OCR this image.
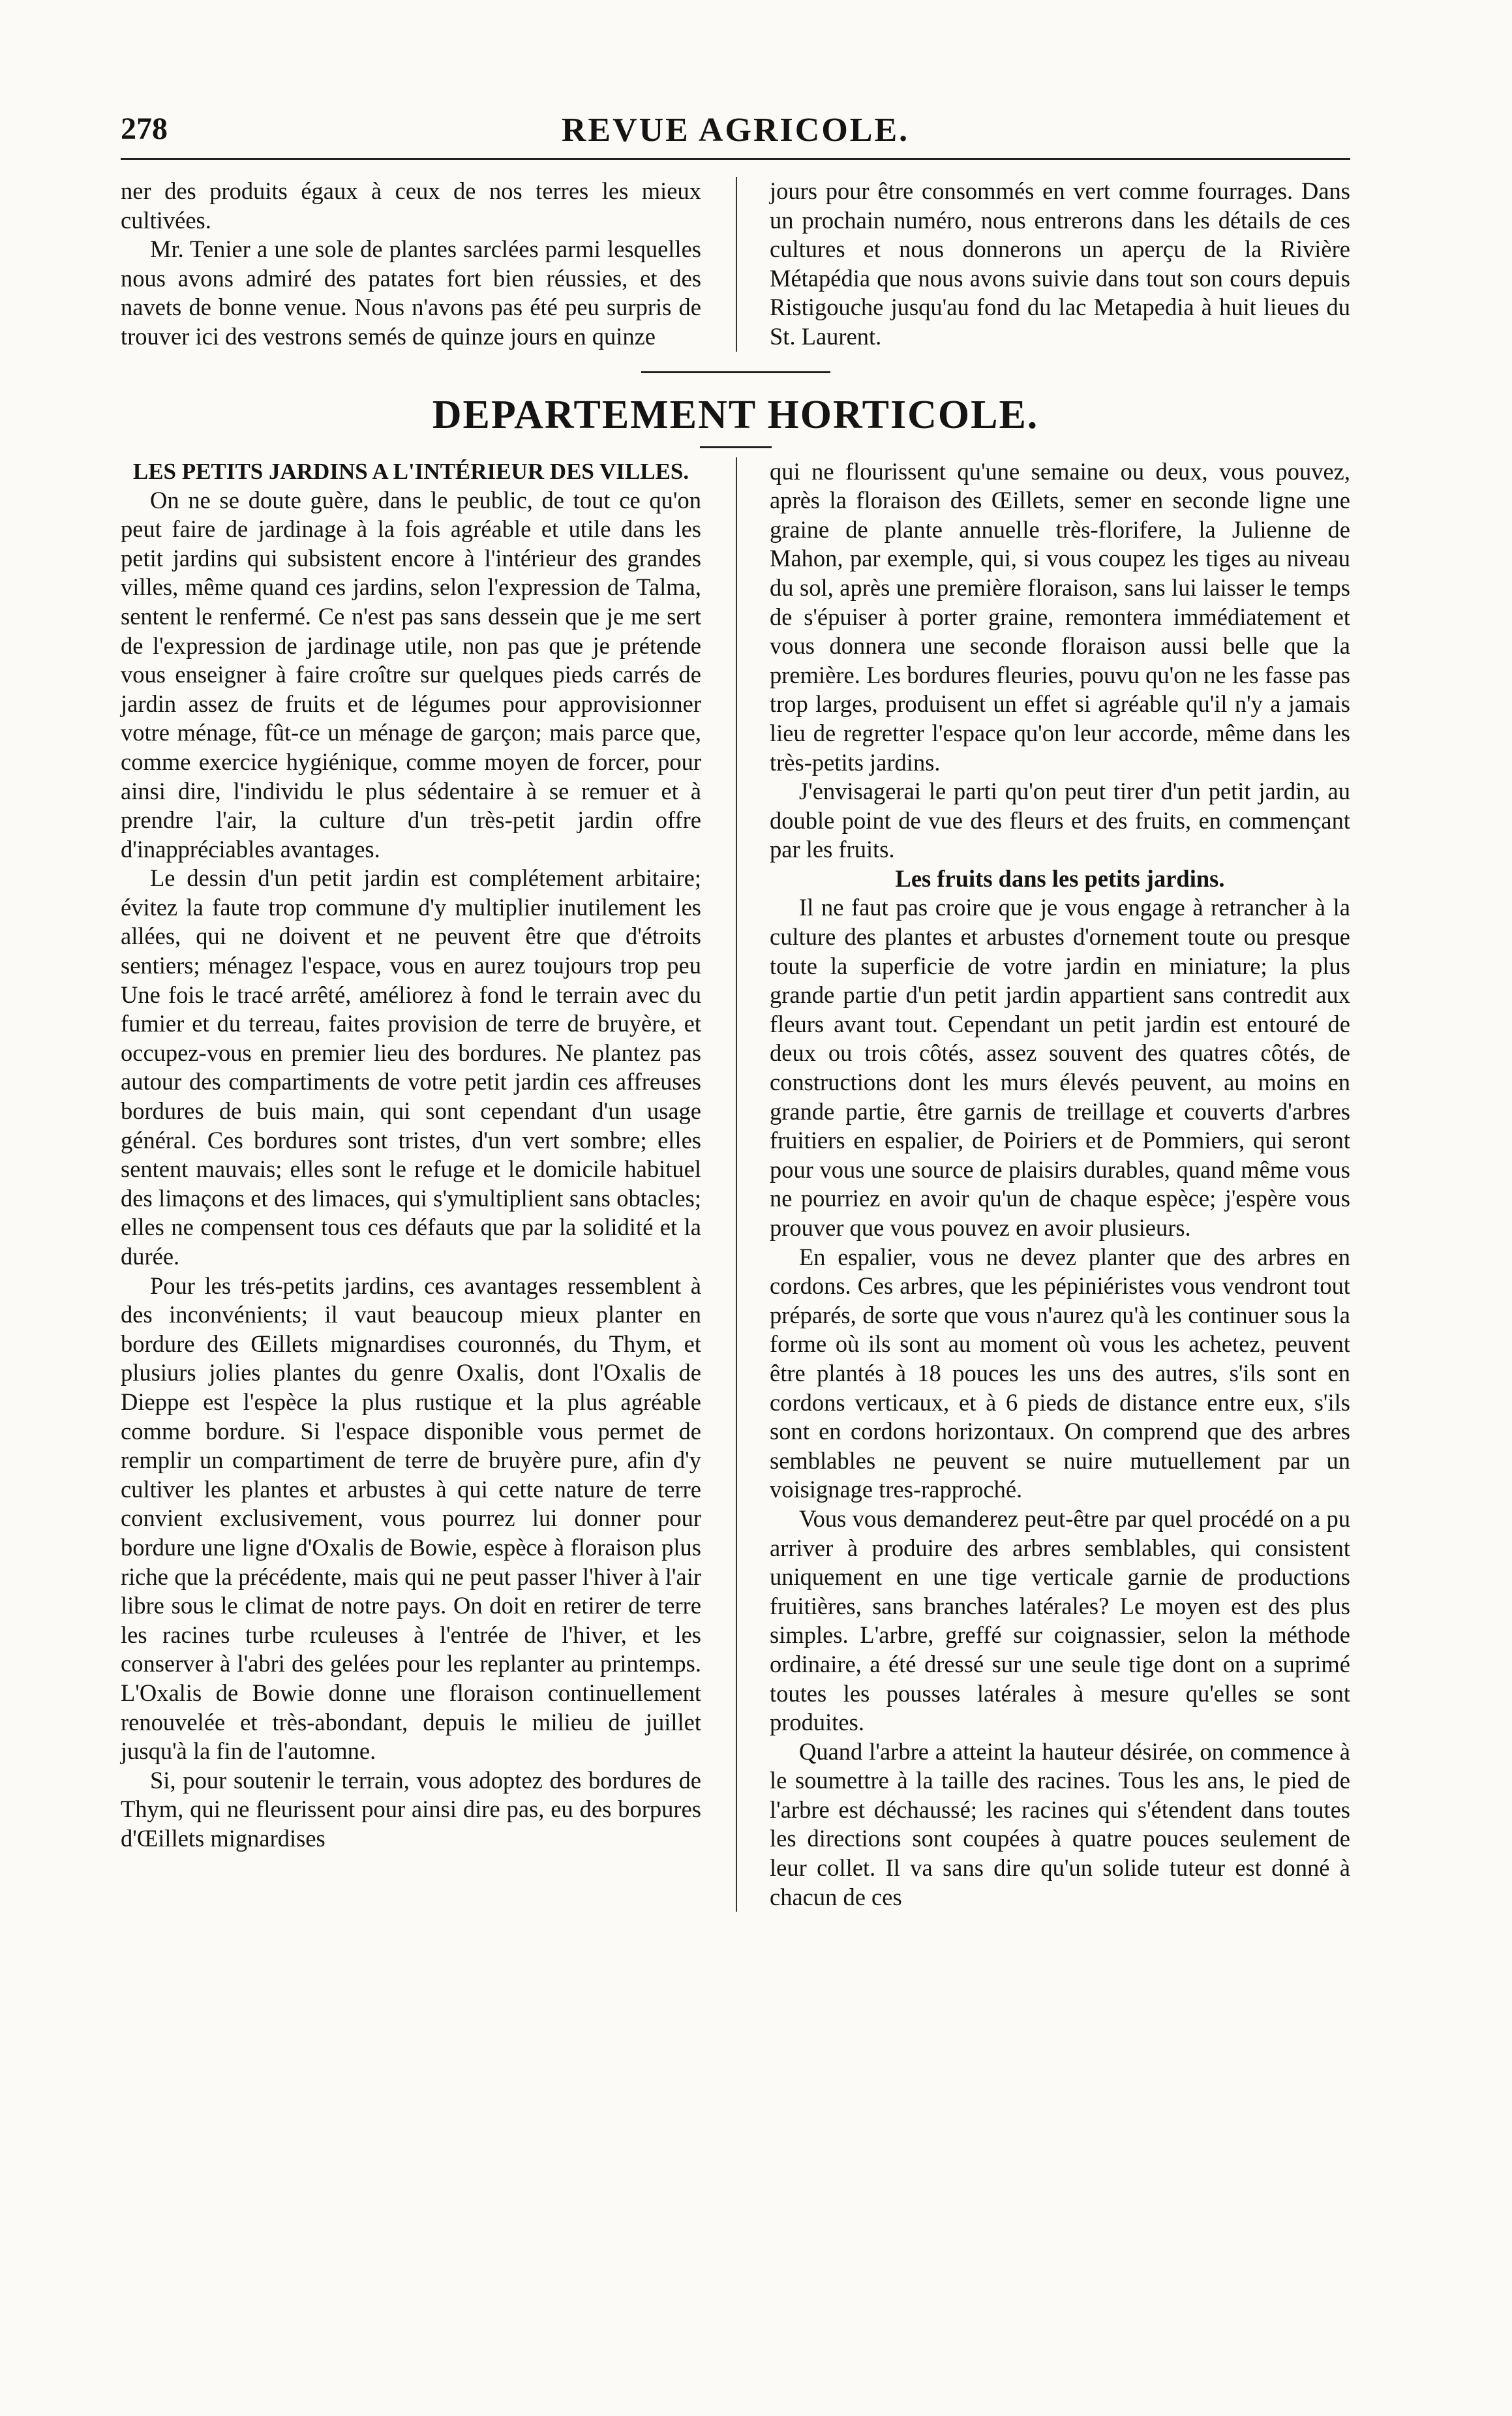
278	REVUE AGRICOLE.

ner des produits égaux à ceux de nos terres les mieux cultivées.

Mr. Tenier a une sole de plantes sarclées parmi lesquelles nous avons admiré des patates fort bien réussies, et des navets de bonne venue. Nous n'avons pas été peu surpris de trouver ici des vestrons semés de quinze jours en quinze

jours pour être consommés en vert comme fourrages. Dans un prochain numéro, nous entrerons dans les détails de ces cultures et nous donnerons un aperçu de la Rivière Métapédia que nous avons suivie dans tout son cours depuis Ristigouche jusqu'au fond du lac Metapedia à huit lieues du St. Laurent.

DEPARTEMENT HORTICOLE.

LES PETITS JARDINS A L'INTÉRIEUR DES VILLES.

On ne se doute guère, dans le peublic, de tout ce qu'on peut faire de jardinage à la fois agréable et utile dans les petit jardins qui subsistent encore à l'intérieur des grandes villes, même quand ces jardins, selon l'expression de Talma, sentent le renfermé. Ce n'est pas sans dessein que je me sert de l'expression de jardinage utile, non pas que je prétende vous enseigner à faire croître sur quelques pieds carrés de jardin assez de fruits et de légumes pour approvisionner votre ménage, fût-ce un ménage de garçon; mais parce que, comme exercice hygiénique, comme moyen de forcer, pour ainsi dire, l'individu le plus sédentaire à se remuer et à prendre l'air, la culture d'un très-petit jardin offre d'inappréciables avantages.

Le dessin d'un petit jardin est complétement arbitaire; évitez la faute trop commune d'y multiplier inutilement les allées, qui ne doivent et ne peuvent être que d'étroits sentiers; ménagez l'espace, vous en aurez toujours trop peu Une fois le tracé arrêté, améliorez à fond le terrain avec du fumier et du terreau, faites provision de terre de bruyère, et occupez-vous en premier lieu des bordures. Ne plantez pas autour des compartiments de votre petit jardin ces affreuses bordures de buis main, qui sont cependant d'un usage général. Ces bordures sont tristes, d'un vert sombre; elles sentent mauvais; elles sont le refuge et le domicile habituel des limaçons et des limaces, qui s'ymultiplient sans obtacles; elles ne compensent tous ces défauts que par la solidité et la durée.

Pour les trés-petits jardins, ces avantages ressemblent à des inconvénients; il vaut beaucoup mieux planter en bordure des Œillets mignardises couronnés, du Thym, et plusiurs jolies plantes du genre Oxalis, dont l'Oxalis de Dieppe est l'espèce la plus rustique et la plus agréable comme bordure. Si l'espace disponible vous permet de remplir un compartiment de terre de bruyère pure, afin d'y cultiver les plantes et arbustes à qui cette nature de terre convient exclusivement, vous pourrez lui donner pour bordure une ligne d'Oxalis de Bowie, espèce à floraison plus riche que la précédente, mais qui ne peut passer l'hiver à l'air libre sous le climat de notre pays. On doit en retirer de terre les racines turbe rculeuses à l'entrée de l'hiver, et les conserver à l'abri des gelées pour les replanter au printemps. L'Oxalis de Bowie donne une floraison continuellement renouvelée et très-abondant, depuis le milieu de juillet jusqu'à la fin de l'automne.

Si, pour soutenir le terrain, vous adoptez des bordures de Thym, qui ne fleurissent pour ainsi dire pas, eu des borpures d'Œillets mignardises

qui ne flourissent qu'une semaine ou deux, vous pouvez, après la floraison des Œillets, semer en seconde ligne une graine de plante annuelle très-florifere, la Julienne de Mahon, par exemple, qui, si vous coupez les tiges au niveau du sol, après une première floraison, sans lui laisser le temps de s'épuiser à porter graine, remontera immédiatement et vous donnera une seconde floraison aussi belle que la première. Les bordures fleuries, pouvu qu'on ne les fasse pas trop larges, produisent un effet si agréable qu'il n'y a jamais lieu de regretter l'espace qu'on leur accorde, même dans les très-petits jardins.

J'envisagerai le parti qu'on peut tirer d'un petit jardin, au double point de vue des fleurs et des fruits, en commençant par les fruits.

Les fruits dans les petits jardins.

Il ne faut pas croire que je vous engage à retrancher à la culture des plantes et arbustes d'ornement toute ou presque toute la superficie de votre jardin en miniature; la plus grande partie d'un petit jardin appartient sans contredit aux fleurs avant tout. Cependant un petit jardin est entouré de deux ou trois côtés, assez souvent des quatres côtés, de constructions dont les murs élevés peuvent, au moins en grande partie, être garnis de treillage et couverts d'arbres fruitiers en espalier, de Poiriers et de Pommiers, qui seront pour vous une source de plaisirs durables, quand même vous ne pourriez en avoir qu'un de chaque espèce; j'espère vous prouver que vous pouvez en avoir plusieurs.

En espalier, vous ne devez planter que des arbres en cordons. Ces arbres, que les pépiniéristes vous vendront tout préparés, de sorte que vous n'aurez qu'à les continuer sous la forme où ils sont au moment où vous les achetez, peuvent être plantés à 18 pouces les uns des autres, s'ils sont en cordons verticaux, et à 6 pieds de distance entre eux, s'ils sont en cordons horizontaux. On comprend que des arbres semblables ne peuvent se nuire mutuellement par un voisignage tres-rapproché.

Vous vous demanderez peut-être par quel procédé on a pu arriver à produire des arbres semblables, qui consistent uniquement en une tige verticale garnie de productions fruitières, sans branches latérales? Le moyen est des plus simples. L'arbre, greffé sur coignassier, selon la méthode ordinaire, a été dressé sur une seule tige dont on a suprimé toutes les pousses latérales à mesure qu'elles se sont produites.

Quand l'arbre a atteint la hauteur désirée, on commence à le soumettre à la taille des racines. Tous les ans, le pied de l'arbre est déchaussé; les racines qui s'étendent dans toutes les directions sont coupées à quatre pouces seulement de leur collet. Il va sans dire qu'un solide tuteur est donné à chacun de ces
